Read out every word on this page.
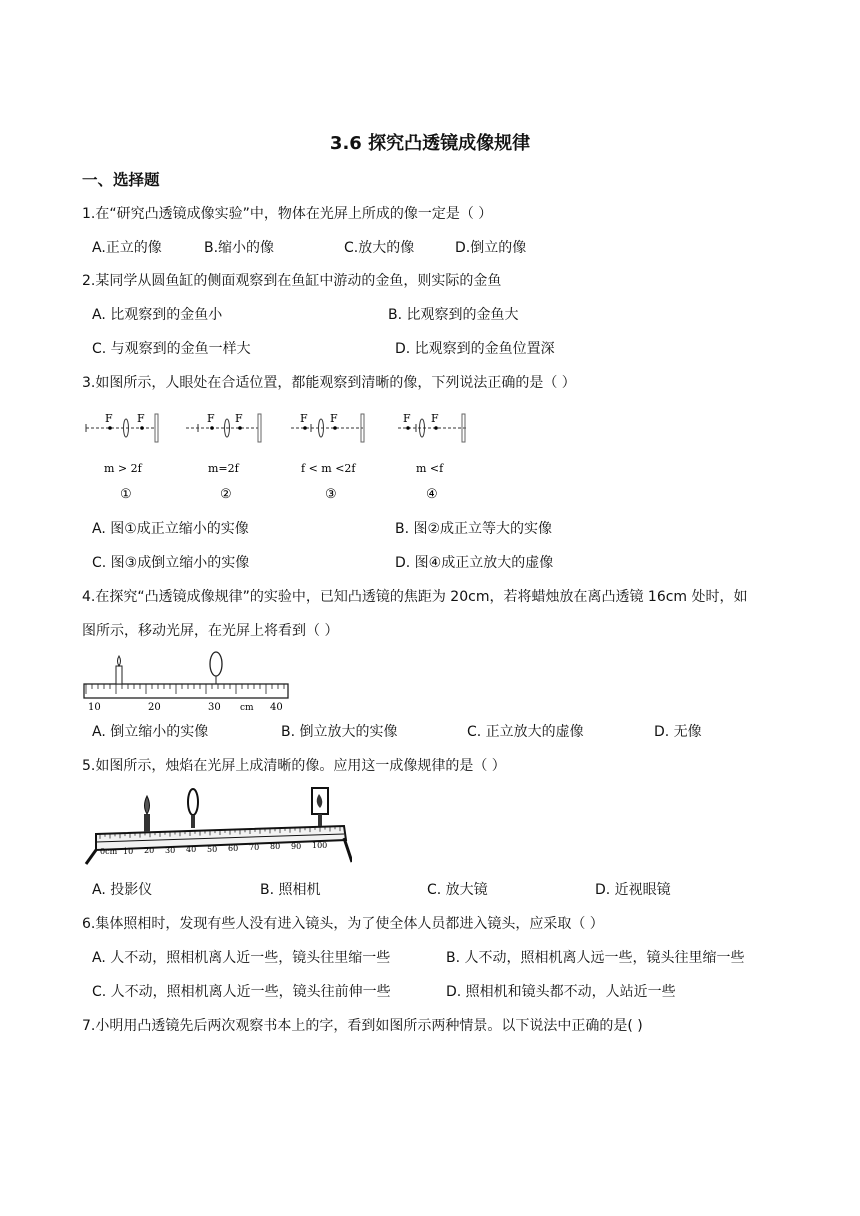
3.6 探究凸透镜成像规律
一、选择题
1.在“研究凸透镜成像实验”中，物体在光屏上所成的像一定是（ ）
A.正立的像	B.缩小的像	C.放大的像	D.倒立的像
2.某同学从圆鱼缸的侧面观察到在鱼缸中游动的金鱼，则实际的金鱼
A. 比观察到的金鱼小	B. 比观察到的金鱼大
C. 与观察到的金鱼一样大	D. 比观察到的金鱼位置深
3.如图所示，人眼处在合适位置，都能观察到清晰的像，下列说法正确的是（ ）
F F
m > 2f
①
F F
m=2f
②
F F
f < m <2f
③
F F
m <f
④
A. 图①成正立缩小的实像	B. 图②成正立等大的实像
C. 图③成倒立缩小的实像	D. 图④成正立放大的虚像
4.在探究“凸透镜成像规律”的实验中，已知凸透镜的焦距为 20cm，若将蜡烛放在离凸透镜 16cm 处时，如
图所示，移动光屏，在光屏上将看到（ ）
10	20	30 cm 40
A. 倒立缩小的实像	B. 倒立放大的实像	C. 正立放大的虚像	D. 无像
5.如图所示，烛焰在光屏上成清晰的像。应用这一成像规律的是（ ）
0cm 10 20 30 40 50 60 70 80 90 100
A. 投影仪	B. 照相机	C. 放大镜	D. 近视眼镜
6.集体照相时，发现有些人没有进入镜头，为了使全体人员都进入镜头，应采取（ ）
A. 人不动，照相机离人近一些，镜头往里缩一些	B. 人不动，照相机离人远一些，镜头往里缩一些
C. 人不动，照相机离人近一些，镜头往前伸一些	D. 照相机和镜头都不动，人站近一些
7.小明用凸透镜先后两次观察书本上的字，看到如图所示两种情景。以下说法中正确的是( )
